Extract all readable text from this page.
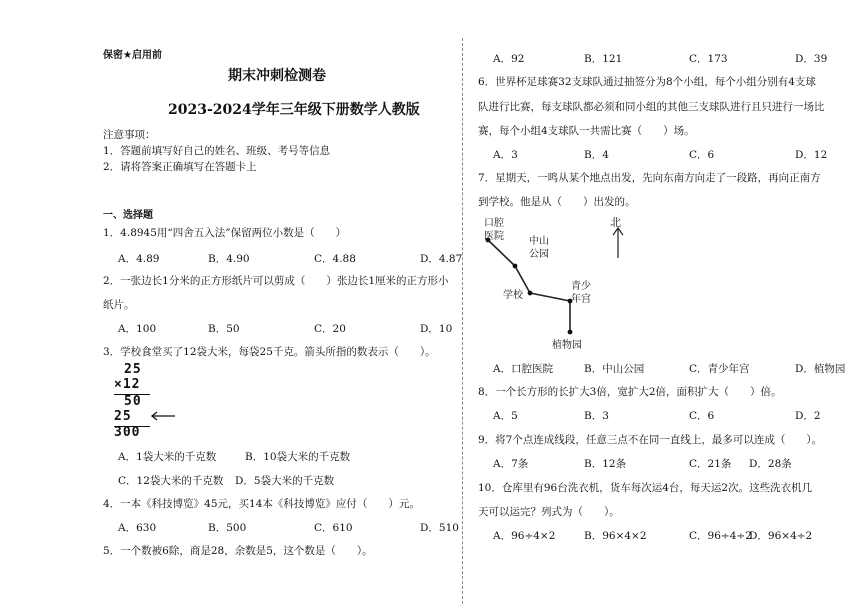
保密★启用前
期末冲刺检测卷
2023-2024学年三年级下册数学人教版
注意事项：
1．答题前填写好自己的姓名、班级、考号等信息
2．请将答案正确填写在答题卡上
一、选择题
1．4.8945用“四舍五入法”保留两位小数是（　　）
A．4.89	B．4.90	C．4.88	D．4.87
2．一张边长1分米的正方形纸片可以剪成（　　）张边长1厘米的正方形小
纸片。
A．100	B．50	C．20	D．10
3．学校食堂买了12袋大米，每袋25千克。箭头所指的数表示（　　）。
25
×12
50
25
300
A．1袋大米的千克数	B．10袋大米的千克数
C．12袋大米的千克数 D．5袋大米的千克数
4．一本《科技博览》45元，买14本《科技博览》应付（　　）元。
A．630	B．500	C．610	D．510
5．一个数被6除，商是28，余数是5，这个数是（　　）。
A．92	B．121	C．173	D．39
6．世界杯足球赛32支球队通过抽签分为8个小组，每个小组分别有4支球
队进行比赛，每支球队都必须和同小组的其他三支球队进行且只进行一场比
赛，每个小组4支球队一共需比赛（　　）场。
A．3	B．4	C．6	D．12
7．星期天，一鸣从某个地点出发，先向东南方向走了一段路，再向正南方
到学校。他是从（　　）出发的。
口腔
医院	中山
公园
学校
青少
年宫
植物园
北
A．口腔医院	B．中山公园	C．青少年宫	D．植物园
8．一个长方形的长扩大3倍，宽扩大2倍，面积扩大（　　）倍。
A．5	B．3	C．6	D．2
9．将7个点连成线段，任意三点不在同一直线上，最多可以连成（　　）。
A．7条	B．12条	C．21条 D．28条
10．仓库里有96台洗衣机，货车每次运4台，每天运2次。这些洗衣机几
天可以运完？列式为（　　）。
A．96÷4×2	B．96×4×2	C．96÷4÷2
D．96×4÷2
